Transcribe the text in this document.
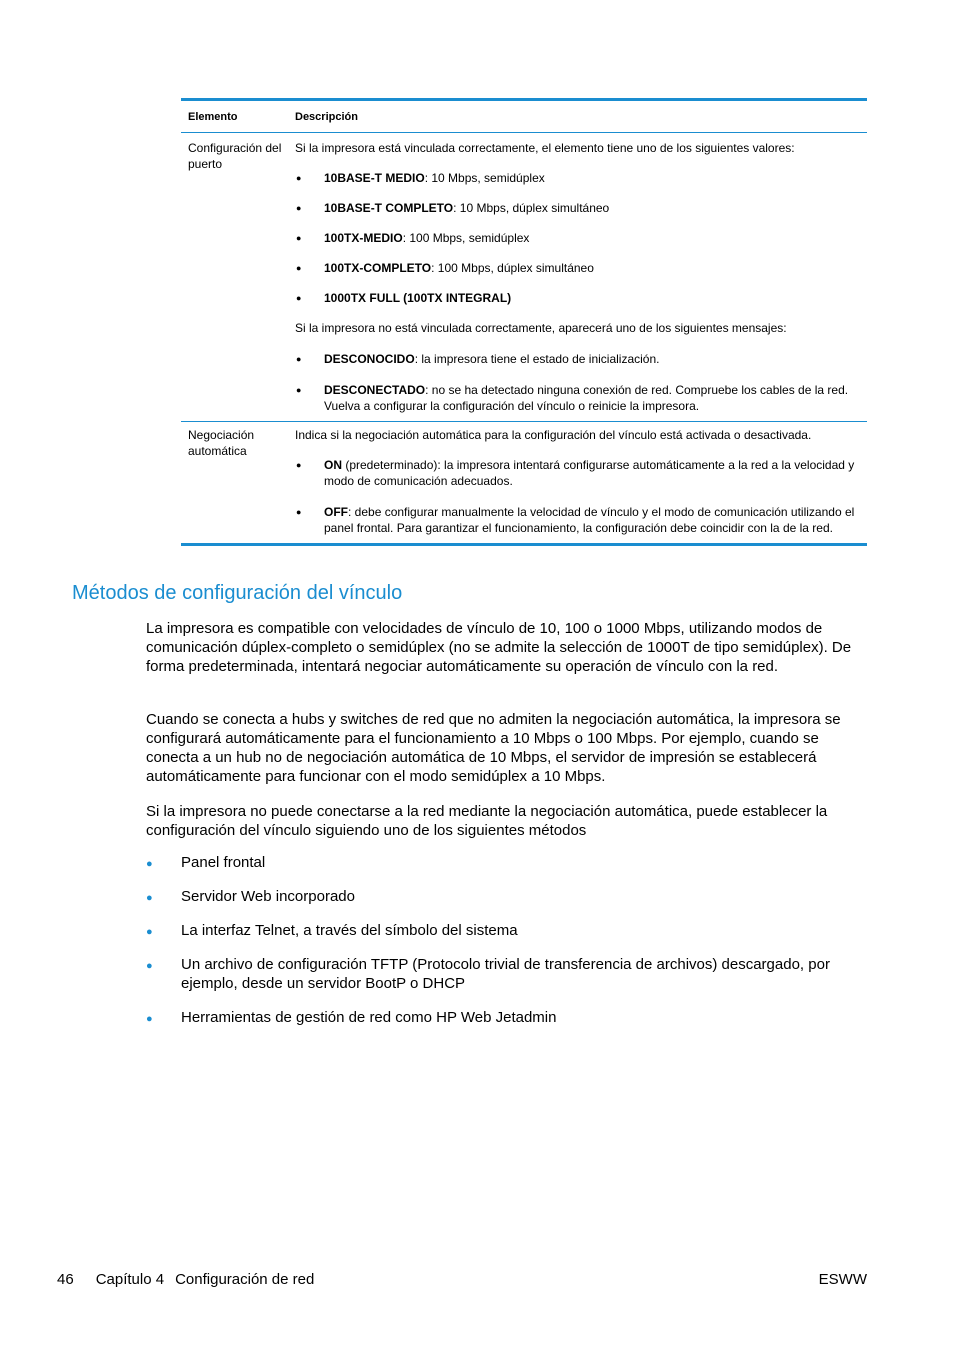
Elemento	Descripción
Configuración del puerto

Si la impresora está vinculada correctamente, el elemento tiene uno de los siguientes valores:

● 10BASE-T MEDIO: 10 Mbps, semidúplex
● 10BASE-T COMPLETO: 10 Mbps, dúplex simultáneo
● 100TX-MEDIO: 100 Mbps, semidúplex
● 100TX-COMPLETO: 100 Mbps, dúplex simultáneo
● 1000TX FULL (100TX INTEGRAL)

Si la impresora no está vinculada correctamente, aparecerá uno de los siguientes mensajes:

● DESCONOCIDO: la impresora tiene el estado de inicialización.
● DESCONECTADO: no se ha detectado ninguna conexión de red. Compruebe los cables de la red. Vuelva a configurar la configuración del vínculo o reinicie la impresora.
Negociación automática

Indica si la negociación automática para la configuración del vínculo está activada o desactivada.

● ON (predeterminado): la impresora intentará configurarse automáticamente a la red a la velocidad y modo de comunicación adecuados.
● OFF: debe configurar manualmente la velocidad de vínculo y el modo de comunicación utilizando el panel frontal. Para garantizar el funcionamiento, la configuración debe coincidir con la de la red.
Métodos de configuración del vínculo

La impresora es compatible con velocidades de vínculo de 10, 100 o 1000 Mbps, utilizando modos de comunicación dúplex-completo o semidúplex (no se admite la selección de 1000T de tipo semidúplex). De forma predeterminada, intentará negociar automáticamente su operación de vínculo con la red.

Cuando se conecta a hubs y switches de red que no admiten la negociación automática, la impresora se configurará automáticamente para el funcionamiento a 10 Mbps o 100 Mbps. Por ejemplo, cuando se conecta a un hub no de negociación automática de 10 Mbps, el servidor de impresión se establecerá automáticamente para funcionar con el modo semidúplex a 10 Mbps.

Si la impresora no puede conectarse a la red mediante la negociación automática, puede establecer la configuración del vínculo siguiendo uno de los siguientes métodos

● Panel frontal
● Servidor Web incorporado
● La interfaz Telnet, a través del símbolo del sistema
● Un archivo de configuración TFTP (Protocolo trivial de transferencia de archivos) descargado, por ejemplo, desde un servidor BootP o DHCP
● Herramientas de gestión de red como HP Web Jetadmin
46 Capítulo 4 Configuración de red	ESWW
